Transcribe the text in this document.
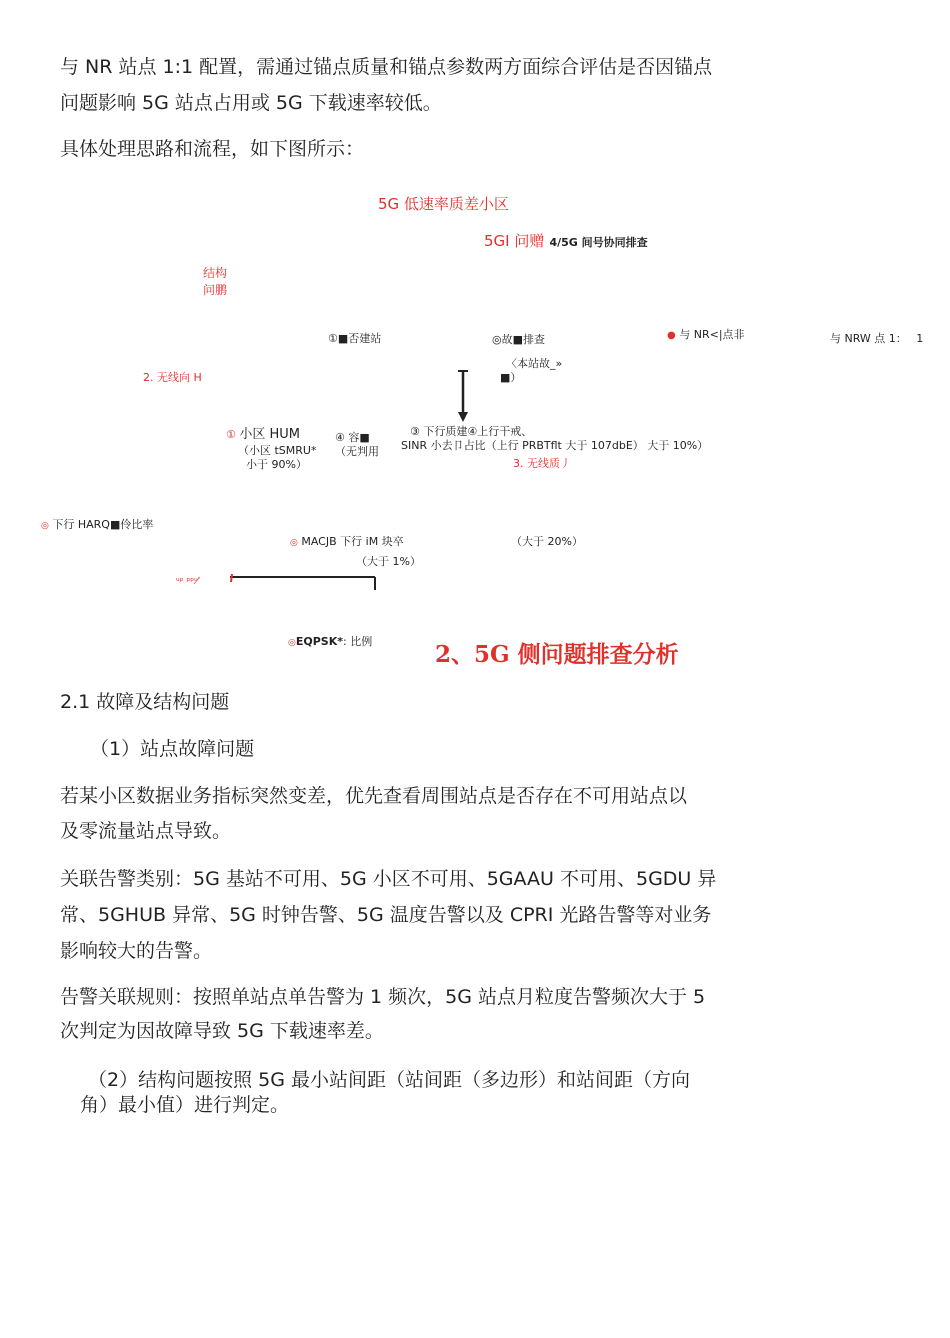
与 NR 站点 1:1 配置，需通过锚点质量和锚点参数两方面综合评估是否因锚点
问题影响 5G 站点占用或 5G 下载速率较低。
具体处理思路和流程，如下图所示：
5G 低速率质差小区
5GI 问赠 4/5G 间号协同排查
结构
问鹏
①■否建站	◎故■排查	● 与 NR<|点非	与 NRW 点 1： 1
2. 无线向 H
〈本站故_»
■）
① 小区 HUM
（小区 tSMRU*
小于 90%）
④ 容■
（无判用
③ 下行质建④上行干戒、
SINR 小去卩占比（上行 PRBTflt 大于 107dbE） 大于 10%）
3. 无线质丿
◎ 下行 HARQ■伶比率
◎ MACJB 下行 iM 块卒
（大于 1%）
（大于 20%）
ᵘᵖ ᵖᵖᵘʹ̸
◎EQPSK*: 比例	2、5G 侧问题排查分析
2.1 故障及结构问题
（1）站点故障问题
若某小区数据业务指标突然变差，优先查看周围站点是否存在不可用站点以
及零流量站点导致。
关联告警类别：5G 基站不可用、5G 小区不可用、5GAAU 不可用、5GDU 异
常、5GHUB 异常、5G 时钟告警、5G 温度告警以及 CPRI 光路告警等对业务
影响较大的告警。
告警关联规则：按照单站点单告警为 1 频次，5G 站点月粒度告警频次大于 5
次判定为因故障导致 5G 下载速率差。
（2）结构问题按照 5G 最小站间距（站间距（多边形）和站间距（方向
角）最小值）进行判定。
